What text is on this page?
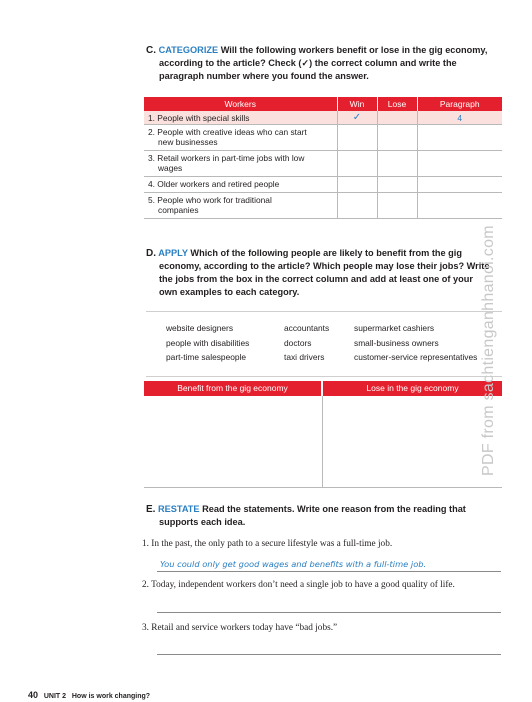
C. CATEGORIZE Will the following workers benefit or lose in the gig economy,
according to the article? Check (✓) the correct column and write the
paragraph number where you found the answer.
Workers	Win	Lose	Paragraph
1. People with special skills	✓		4
2. People with creative ideas who can start
new businesses			
3. Retail workers in part-time jobs with low
wages			
4. Older workers and retired people			
5. People who work for traditional
companies			
D. APPLY Which of the following people are likely to benefit from the gig
economy, according to the article? Which people may lose their jobs? Write
the jobs from the box in the correct column and add at least one of your
own examples to each category.
website designers
people with disabilities
part-time salespeople
accountants
doctors
taxi drivers
supermarket cashiers
small-business owners
customer-service representatives
Benefit from the gig economy	Lose in the gig economy
E. RESTATE Read the statements. Write one reason from the reading that
supports each idea.
1. In the past, the only path to a secure lifestyle was a full-time job.
You could only get good wages and benefits with a full-time job.
2. Today, independent workers don’t need a single job to have a good quality of life.
3. Retail and service workers today have “bad jobs.”
PDF from sachtienganhhanoi.com
40 UNIT 2 How is work changing?
